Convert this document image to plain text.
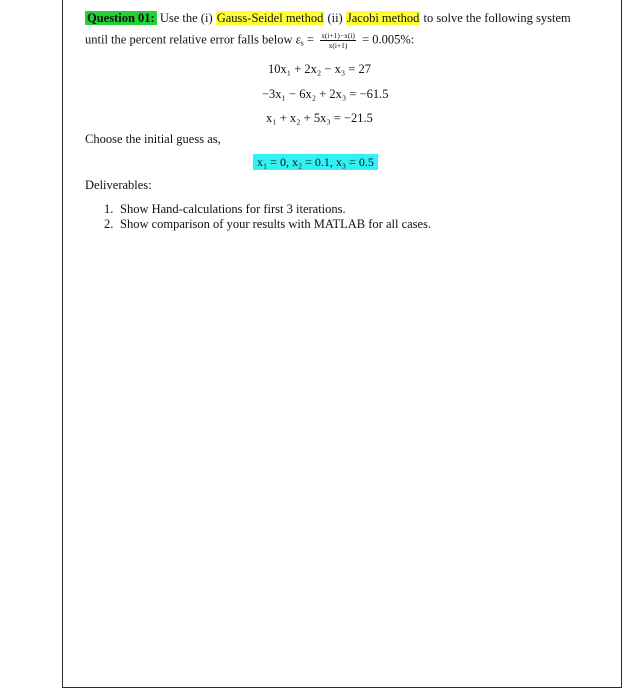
Question 01: Use the (i) Gauss-Seidel method (ii) Jacobi method to solve the following system
until the percent relative error falls below $\varepsilon_s = \frac{x(i+1)-x(i)}{x(i+1)} = 0.005\%$:
10x₁ + 2x₂ − x₃ = 27
−3x₁ − 6x₂ + 2x₃ = −61.5
x₁ + x₂ + 5x₃ = −21.5
Choose the initial guess as,
x₁ = 0, x₂ = 0.1, x₃ = 0.5
Deliverables:
1. Show Hand-calculations for first 3 iterations.
2. Show comparison of your results with MATLAB for all cases.
